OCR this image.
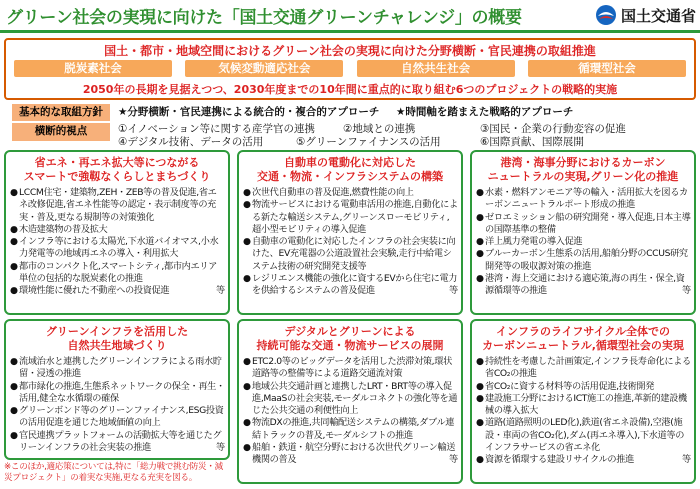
グリーン社会の実現に向けた「国土交通グリーンチャレンジ」の概要	国土交通省
国土・都市・地域空間におけるグリーン社会の実現に向けた分野横断・官民連携の取組推進
脱炭素社会	気候変動適応社会	自然共生社会	循環型社会
2050年の長期を見据えつつ、2030年度までの10年間に重点的に取り組む6つのプロジェクトの戦略的実施
基本的な取組方針	★分野横断・官民連携による統合的・複合的アプローチ ★時間軸を踏まえた戦略的アプローチ
横断的視点	①イノベーション等に関する産学官の連携	②地域との連携	③国民・企業の行動変容の促進
④デジタル技術、データの活用	⑤グリーンファイナンスの活用	⑥国際貢献、国際展開
省エネ・再エネ拡大等につながる
スマートで強靱なくらしとまちづくり
●LCCM住宅・建築物,ZEH・ZEB等の普及促進,省エネ改修促進,省エネ性能等の認定・表示制度等の充実・普及,更なる規制等の対策強化
●木造建築物の普及拡大
●インフラ等における太陽光,下水道バイオマス,小水力発電等の地域再エネの導入・利用拡大
●都市のコンパクト化,スマートシティ,都市内エリア単位の包括的な脱炭素化の推進
●環境性能に優れた不動産への投資促進	等
自動車の電動化に対応した
交通・物流・インフラシステムの構築
●次世代自動車の普及促進,燃費性能の向上
●物流サービスにおける電動車活用の推進,自動化による新たな輸送システム,グリーンスローモビリティ,超小型モビリティの導入促進
●自動車の電動化に対応したインフラの社会実装に向けた、EV充電器の公道設置社会実験,走行中給電システム技術の研究開発支援等
●レジリエンス機能の強化に資するEVから住宅に電力を供給するシステムの普及促進	等
港湾・海事分野におけるカーボン
ニュートラルの実現,グリーン化の推進
●水素・燃料アンモニア等の輸入・活用拡大を図るカーボンニュートラルポート形成の推進
●ゼロエミッション船の研究開発・導入促進,日本主導の国際基準の整備
●洋上風力発電の導入促進
●ブルーカーボン生態系の活用,船舶分野のCCUS研究開発等の吸収源対策の推進
●港湾・海上交通における適応策,海の再生・保全,資源循環等の推進	等
グリーンインフラを活用した
自然共生地域づくり
●流域治水と連携したグリーンインフラによる雨水貯留・浸透の推進
●都市緑化の推進,生態系ネットワークの保全・再生・活用,健全な水循環の確保
●グリーンボンド等のグリーンファイナンス,ESG投資の活用促進を通じた地域価値の向上
●官民連携プラットフォームの活動拡大等を通じたグリーンインフラの社会実装の推進	等
デジタルとグリーンによる
持続可能な交通・物流サービスの展開
●ETC2.0等のビッグデータを活用した渋滞対策,環状道路等の整備等による道路交通流対策
●地域公共交通計画と連携したLRT・BRT等の導入促進,MaaSの社会実装,モーダルコネクトの強化等を通じた公共交通の利便性向上
●物流DXの推進,共同輸配送システムの構築,ダブル連結トラックの普及,モーダルシフトの推進
●船舶・鉄道・航空分野における次世代グリーン輸送機関の普及	等
インフラのライフサイクル全体での
カーボンニュートラル,循環型社会の実現
●持続性を考慮した計画策定,インフラ長寿命化による省CO₂の推進
●省CO₂に資する材料等の活用促進,技術開発
●建設施工分野におけるICT施工の推進,革新的建設機械の導入拡大
●道路(道路照明のLED化),鉄道(省エネ設備),空港(施設・車両の省CO₂化),ダム(再エネ導入),下水道等のインフラサービスの省エネ化
●資源を循環する建設リサイクルの推進	等
※このほか,適応策については,特に「総力戦で挑む防災・減災プロジェクト」の着実な実施,更なる充実を図る。
